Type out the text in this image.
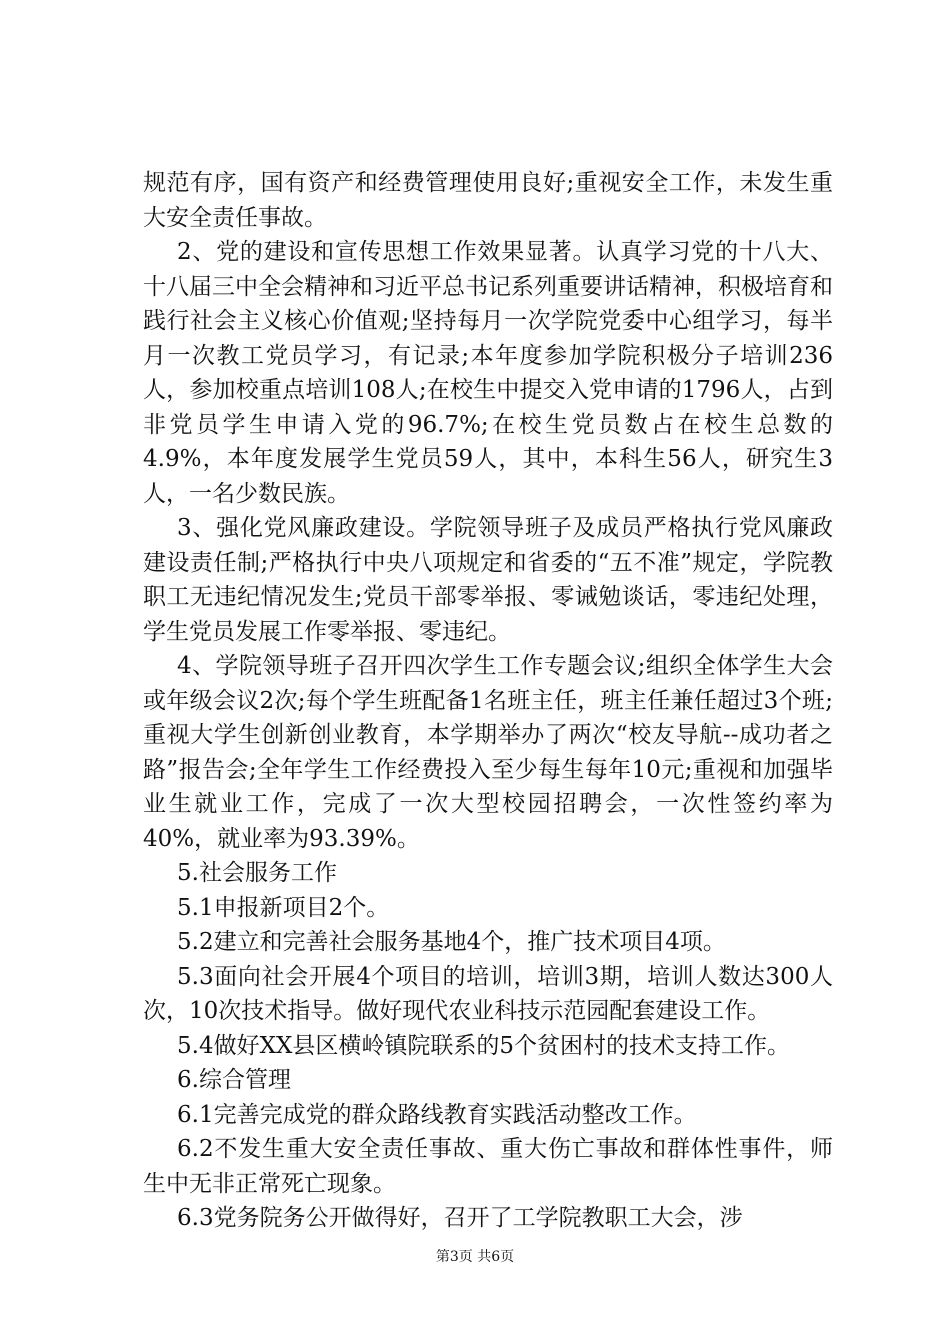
规范有序，国有资产和经费管理使用良好;重视安全工作，未发生重大安全责任事故。

2、党的建设和宣传思想工作效果显著。认真学习党的十八大、十八届三中全会精神和习近平总书记系列重要讲话精神，积极培育和践行社会主义核心价值观;坚持每月一次学院党委中心组学习，每半月一次教工党员学习，有记录;本年度参加学院积极分子培训236人，参加校重点培训108人;在校生中提交入党申请的1796人，占到非党员学生申请入党的96.7%;在校生党员数占在校生总数的4.9%，本年度发展学生党员59人，其中，本科生56人，研究生3人，一名少数民族。

3、强化党风廉政建设。学院领导班子及成员严格执行党风廉政建设责任制;严格执行中央八项规定和省委的“五不准”规定，学院教职工无违纪情况发生;党员干部零举报、零诫勉谈话，零违纪处理，学生党员发展工作零举报、零违纪。

4、学院领导班子召开四次学生工作专题会议;组织全体学生大会或年级会议2次;每个学生班配备1名班主任，班主任兼任超过3个班;重视大学生创新创业教育，本学期举办了两次“校友导航--成功者之路”报告会;全年学生工作经费投入至少每生每年10元;重视和加强毕业生就业工作，完成了一次大型校园招聘会，一次性签约率为40%，就业率为93.39%。

5.社会服务工作

5.1申报新项目2个。

5.2建立和完善社会服务基地4个，推广技术项目4项。

5.3面向社会开展4个项目的培训，培训3期，培训人数达300人次，10次技术指导。做好现代农业科技示范园配套建设工作。

5.4做好XX县区横岭镇院联系的5个贫困村的技术支持工作。

6.综合管理

6.1完善完成党的群众路线教育实践活动整改工作。

6.2不发生重大安全责任事故、重大伤亡事故和群体性事件，师生中无非正常死亡现象。

6.3党务院务公开做得好，召开了工学院教职工大会，涉

第3页 共6页
